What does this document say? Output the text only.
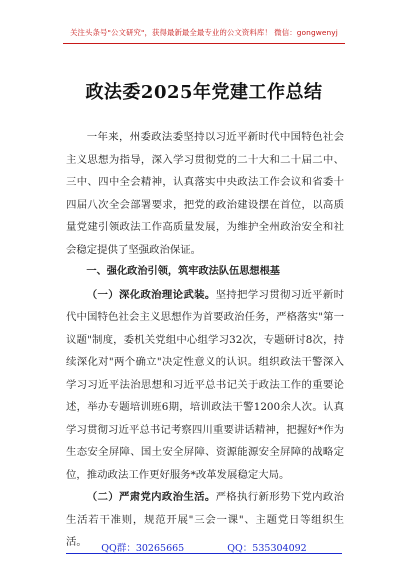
关注头条号"公文研究"，获得最新最全最专业的公文资料库！ 微信：gongwenyj
政法委2025年党建工作总结

一年来，州委政法委坚持以习近平新时代中国特色社会主义思想为指导，深入学习贯彻党的二十大和二十届二中、三中、四中全会精神，认真落实中央政法工作会议和省委十四届八次全会部署要求，把党的政治建设摆在首位，以高质量党建引领政法工作高质量发展，为维护全州政治安全和社会稳定提供了坚强政治保证。

一、强化政治引领，筑牢政法队伍思想根基

（一）深化政治理论武装。坚持把学习贯彻习近平新时代中国特色社会主义思想作为首要政治任务，严格落实"第一议题"制度，委机关党组中心组学习32次，专题研讨8次，持续深化对"两个确立"决定性意义的认识。组织政法干警深入学习习近平法治思想和习近平总书记关于政法工作的重要论述，举办专题培训班6期，培训政法干警1200余人次。认真学习贯彻习近平总书记考察四川重要讲话精神，把握好*作为生态安全屏障、国土安全屏障、资源能源安全屏障的战略定位，推动政法工作更好服务*改革发展稳定大局。

（二）严肃党内政治生活。严格执行新形势下党内政治生活若干准则，规范开展"三会一课"、主题党日等组织生活。

QQ群：30265665	QQ：535304092
